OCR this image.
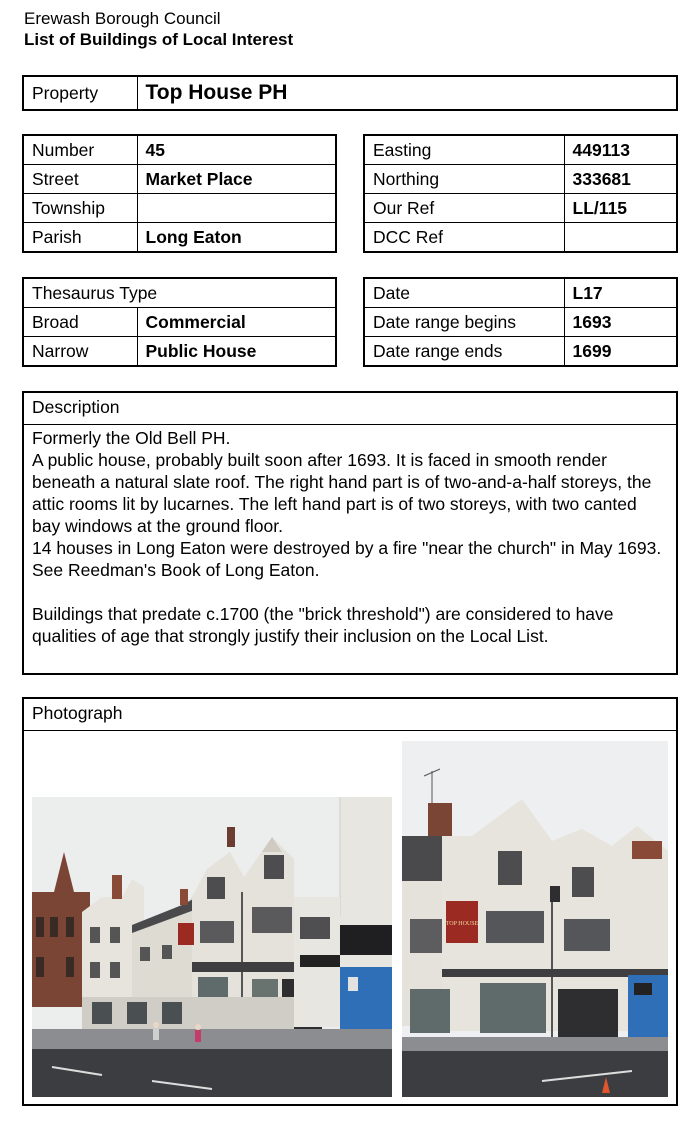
Erewash Borough Council
List of Buildings of Local Interest
Property	Top House PH
Number	45
Street	Market Place
Township	
Parish	Long Eaton
Easting	449113
Northing	333681
Our Ref	LL/115
DCC Ref	
Thesaurus Type	
Broad	Commercial
Narrow	Public House
Date	L17
Date range begins	1693
Date range ends	1699
Description

Formerly the Old Bell PH.
A public house, probably built soon after 1693. It is faced in smooth render beneath a natural slate roof. The right hand part is of two-and-a-half storeys, the attic rooms lit by lucarnes. The left hand part is of two storeys, with two canted bay windows at the ground floor.
14 houses in Long Eaton were destroyed by a fire "near the church" in May 1693. See Reedman's Book of Long Eaton.

Buildings that predate c.1700 (the "brick threshold") are considered to have qualities of age that strongly justify their inclusion on the Local List.

Photograph
TOP HOUSE
